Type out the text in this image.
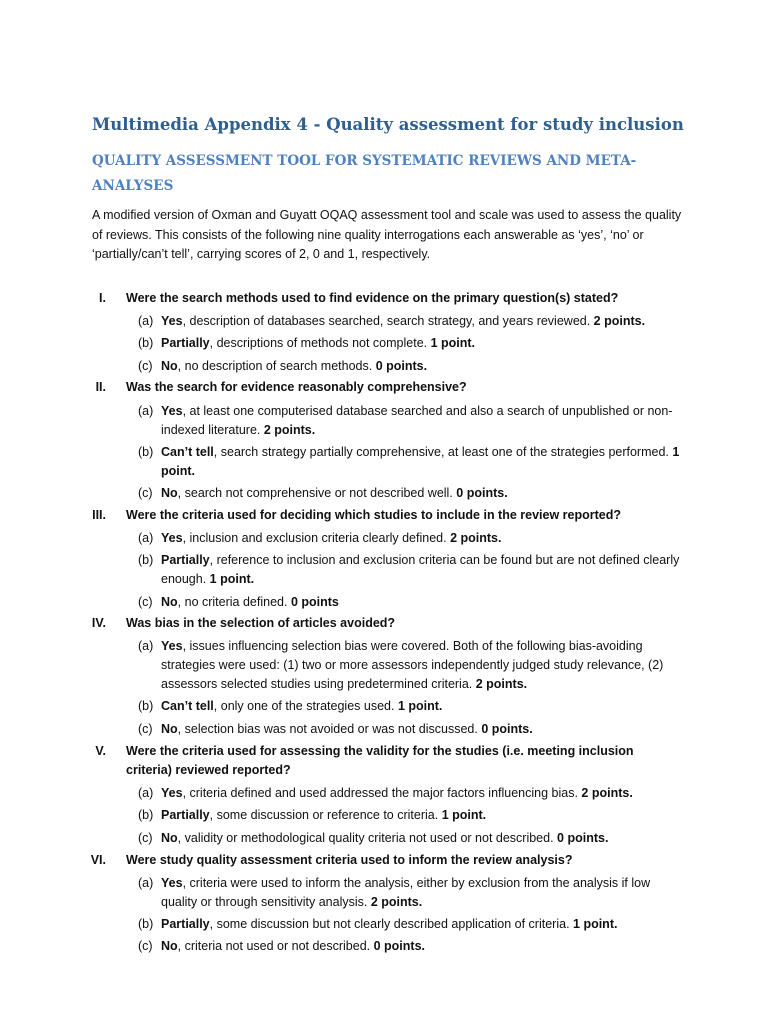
Multimedia Appendix 4 - Quality assessment for study inclusion
QUALITY ASSESSMENT TOOL FOR SYSTEMATIC REVIEWS AND META-ANALYSES
A modified version of Oxman and Guyatt OQAQ assessment tool and scale was used to assess the quality of reviews. This consists of the following nine quality interrogations each answerable as ‘yes’, ‘no’ or ‘partially/can’t tell’, carrying scores of 2, 0 and 1, respectively.
I. Were the search methods used to find evidence on the primary question(s) stated?
(a) Yes, description of databases searched, search strategy, and years reviewed. 2 points.
(b) Partially, descriptions of methods not complete. 1 point.
(c) No, no description of search methods. 0 points.
II. Was the search for evidence reasonably comprehensive?
(a) Yes, at least one computerised database searched and also a search of unpublished or non-indexed literature. 2 points.
(b) Can’t tell, search strategy partially comprehensive, at least one of the strategies performed. 1 point.
(c) No, search not comprehensive or not described well. 0 points.
III. Were the criteria used for deciding which studies to include in the review reported?
(a) Yes, inclusion and exclusion criteria clearly defined. 2 points.
(b) Partially, reference to inclusion and exclusion criteria can be found but are not defined clearly enough. 1 point.
(c) No, no criteria defined. 0 points
IV. Was bias in the selection of articles avoided?
(a) Yes, issues influencing selection bias were covered. Both of the following bias-avoiding strategies were used: (1) two or more assessors independently judged study relevance, (2) assessors selected studies using predetermined criteria. 2 points.
(b) Can’t tell, only one of the strategies used. 1 point.
(c) No, selection bias was not avoided or was not discussed. 0 points.
V. Were the criteria used for assessing the validity for the studies (i.e. meeting inclusion criteria) reviewed reported?
(a) Yes, criteria defined and used addressed the major factors influencing bias. 2 points.
(b) Partially, some discussion or reference to criteria. 1 point.
(c) No, validity or methodological quality criteria not used or not described. 0 points.
VI. Were study quality assessment criteria used to inform the review analysis?
(a) Yes, criteria were used to inform the analysis, either by exclusion from the analysis if low quality or through sensitivity analysis. 2 points.
(b) Partially, some discussion but not clearly described application of criteria. 1 point.
(c) No, criteria not used or not described. 0 points.
